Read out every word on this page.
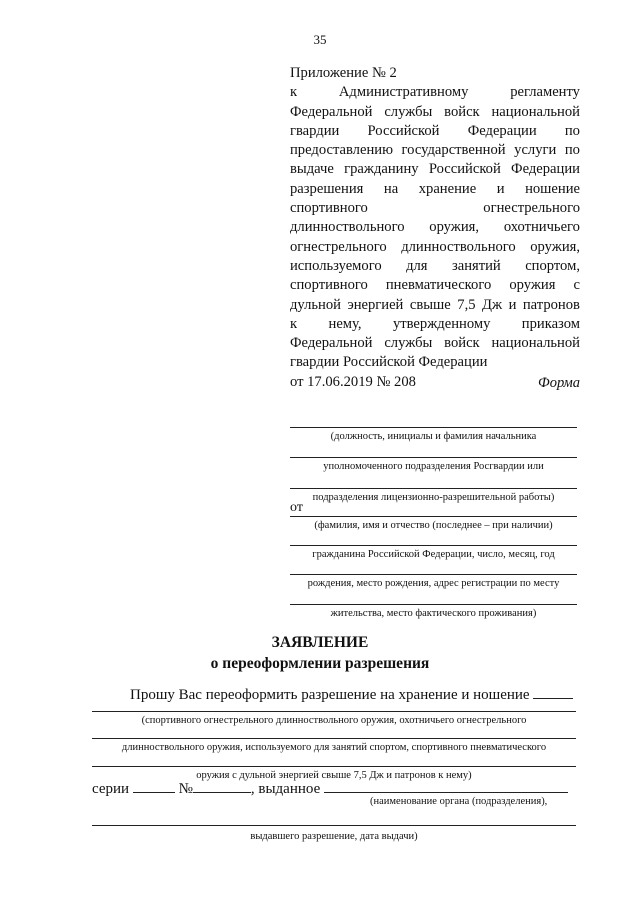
35
Приложение № 2
к	Административному	регламенту
Федеральной службы войск национальной
гвардии Российской Федерации по
предоставлению государственной услуги по
выдаче гражданину Российской Федерации
разрешения на хранение и ношение
спортивного	огнестрельного
длинноствольного оружия, охотничьего
огнестрельного длинноствольного оружия,
используемого для занятий спортом,
спортивного пневматического оружия с
дульной энергией свыше 7,5 Дж и патронов
к нему, утвержденному приказом
Федеральной службы войск национальной
гвардии Российской Федерации
от 17.06.2019 № 208	Форма
(должность, инициалы и фамилия начальника
уполномоченного подразделения Росгвардии или
подразделения лицензионно-разрешительной работы)
от
(фамилия, имя и отчество (последнее – при наличии)
гражданина Российской Федерации, число, месяц, год
рождения, место рождения, адрес регистрации по месту
жительства, место фактического проживания)
ЗАЯВЛЕНИЕ
о переоформлении разрешения
Прошу Вас переоформить разрешение на хранение и ношение
(спортивного огнестрельного длинноствольного оружия, охотничьего огнестрельного
длинноствольного оружия, используемого для занятий спортом, спортивного пневматического
оружия с дульной энергией свыше 7,5 Дж и патронов к нему)
серии	№	, выданное
(наименование органа (подразделения),
выдавшего разрешение, дата выдачи)
